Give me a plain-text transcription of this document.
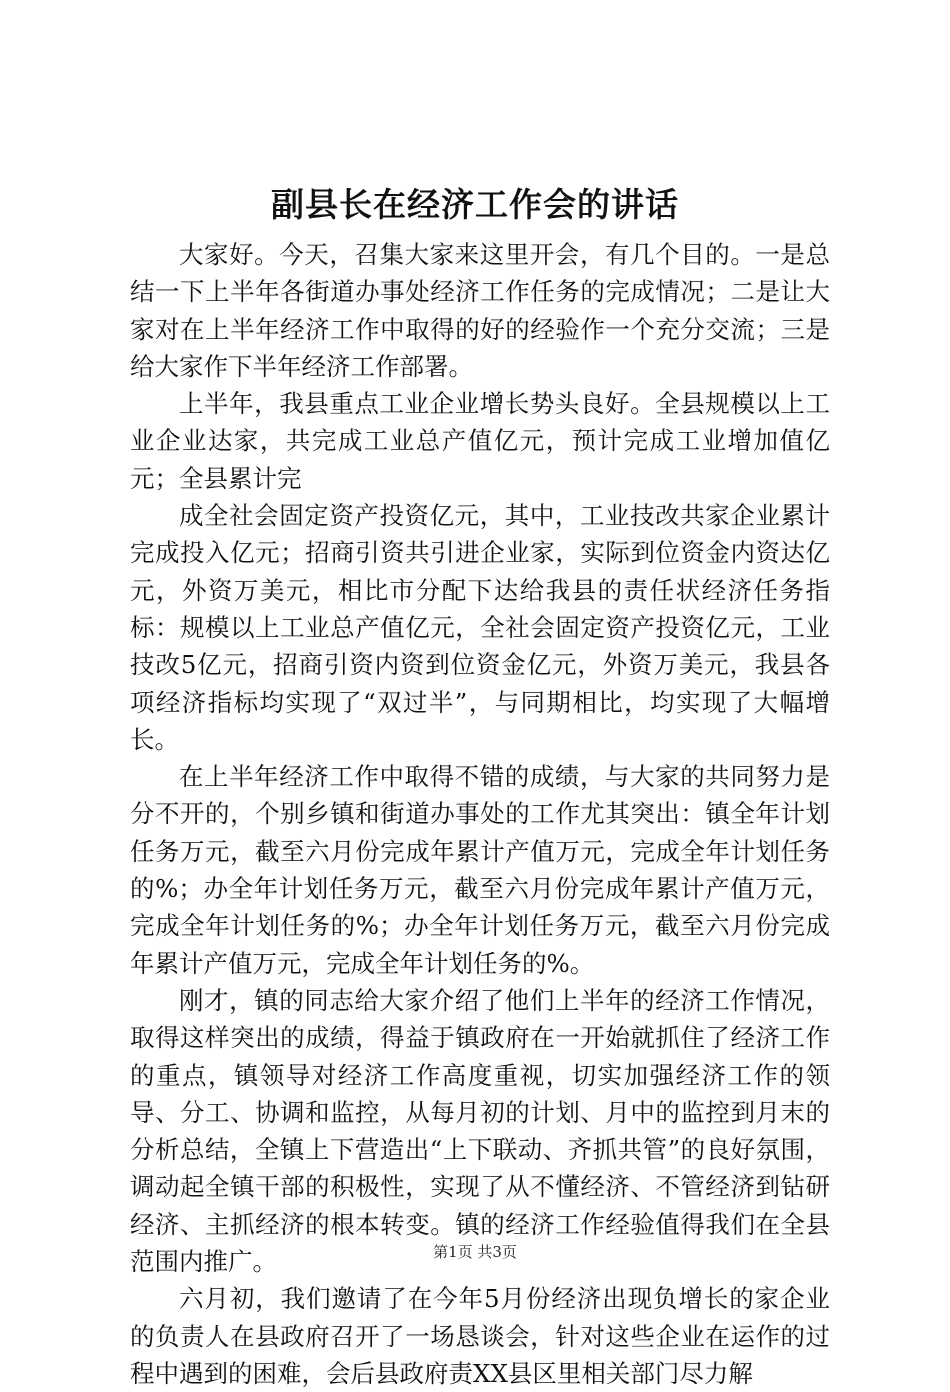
副县长在经济工作会的讲话

大家好。今天，召集大家来这里开会，有几个目的。一是总结一下上半年各街道办事处经济工作任务的完成情况；二是让大家对在上半年经济工作中取得的好的经验作一个充分交流；三是给大家作下半年经济工作部署。

上半年，我县重点工业企业增长势头良好。全县规模以上工业企业达家，共完成工业总产值亿元，预计完成工业增加值亿元；全县累计完

成全社会固定资产投资亿元，其中，工业技改共家企业累计完成投入亿元；招商引资共引进企业家，实际到位资金内资达亿元，外资万美元，相比市分配下达给我县的责任状经济任务指标：规模以上工业总产值亿元，全社会固定资产投资亿元，工业技改5亿元，招商引资内资到位资金亿元，外资万美元，我县各项经济指标均实现了“双过半”，与同期相比，均实现了大幅增长。

在上半年经济工作中取得不错的成绩，与大家的共同努力是分不开的，个别乡镇和街道办事处的工作尤其突出：镇全年计划任务万元，截至六月份完成年累计产值万元，完成全年计划任务的%；办全年计划任务万元，截至六月份完成年累计产值万元，完成全年计划任务的%；办全年计划任务万元，截至六月份完成年累计产值万元，完成全年计划任务的%。

刚才，镇的同志给大家介绍了他们上半年的经济工作情况，取得这样突出的成绩，得益于镇政府在一开始就抓住了经济工作的重点，镇领导对经济工作高度重视，切实加强经济工作的领导、分工、协调和监控，从每月初的计划、月中的监控到月末的分析总结，全镇上下营造出“上下联动、齐抓共管”的良好氛围，调动起全镇干部的积极性，实现了从不懂经济、不管经济到钻研经济、主抓经济的根本转变。镇的经济工作经验值得我们在全县范围内推广。

六月初，我们邀请了在今年5月份经济出现负增长的家企业的负责人在县政府召开了一场恳谈会，针对这些企业在运作的过程中遇到的困难，会后县政府责XX县区里相关部门尽力解

第1页 共3页
